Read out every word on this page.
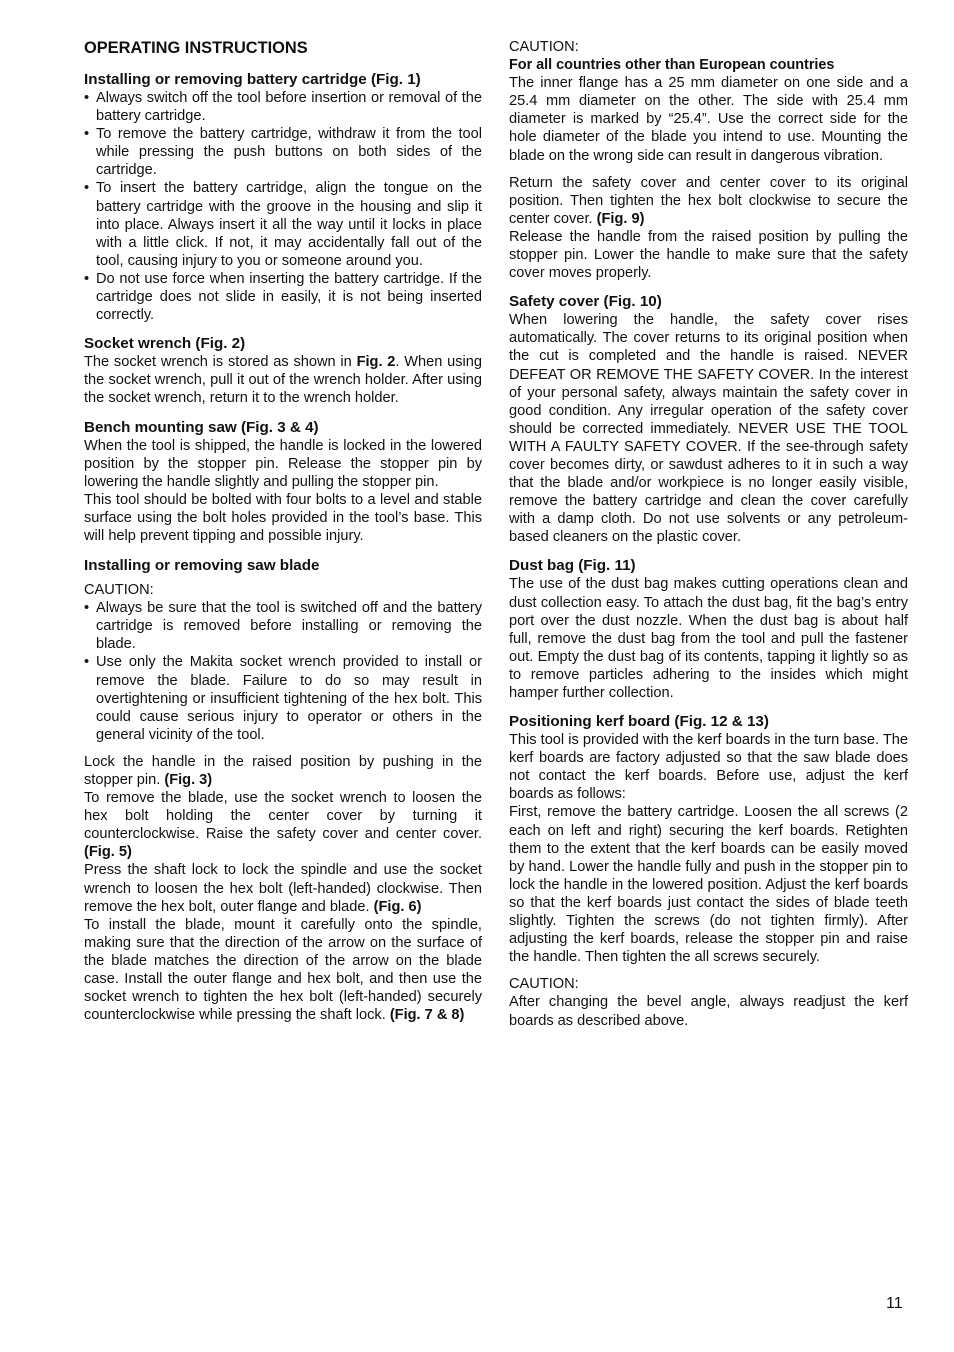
OPERATING INSTRUCTIONS
Installing or removing battery cartridge (Fig. 1)
• Always switch off the tool before insertion or removal of the battery cartridge.
• To remove the battery cartridge, withdraw it from the tool while pressing the push buttons on both sides of the cartridge.
• To insert the battery cartridge, align the tongue on the battery cartridge with the groove in the housing and slip it into place. Always insert it all the way until it locks in place with a little click. If not, it may accidentally fall out of the tool, causing injury to you or someone around you.
• Do not use force when inserting the battery cartridge. If the cartridge does not slide in easily, it is not being inserted correctly.
Socket wrench (Fig. 2)

The socket wrench is stored as shown in Fig. 2. When using the socket wrench, pull it out of the wrench holder. After using the socket wrench, return it to the wrench holder.

Bench mounting saw (Fig. 3 & 4)

When the tool is shipped, the handle is locked in the lowered position by the stopper pin. Release the stopper pin by lowering the handle slightly and pulling the stopper pin.

This tool should be bolted with four bolts to a level and stable surface using the bolt holes provided in the tool’s base. This will help prevent tipping and possible injury.

Installing or removing saw blade

CAUTION:

• Always be sure that the tool is switched off and the battery cartridge is removed before installing or removing the blade.
• Use only the Makita socket wrench provided to install or remove the blade. Failure to do so may result in overtightening or insufficient tightening of the hex bolt. This could cause serious injury to operator or others in the general vicinity of the tool.

Lock the handle in the raised position by pushing in the stopper pin. (Fig. 3)

To remove the blade, use the socket wrench to loosen the hex bolt holding the center cover by turning it counterclockwise. Raise the safety cover and center cover. (Fig. 5)

Press the shaft lock to lock the spindle and use the socket wrench to loosen the hex bolt (left-handed) clockwise. Then remove the hex bolt, outer flange and blade. (Fig. 6)

To install the blade, mount it carefully onto the spindle, making sure that the direction of the arrow on the surface of the blade matches the direction of the arrow on the blade case. Install the outer flange and hex bolt, and then use the socket wrench to tighten the hex bolt (left-handed) securely counterclockwise while pressing the shaft lock. (Fig. 7 & 8)

CAUTION:

For all countries other than European countries

The inner flange has a 25 mm diameter on one side and a 25.4 mm diameter on the other. The side with 25.4 mm diameter is marked by “25.4”. Use the correct side for the hole diameter of the blade you intend to use. Mounting the blade on the wrong side can result in dangerous vibration.

Return the safety cover and center cover to its original position. Then tighten the hex bolt clockwise to secure the center cover. (Fig. 9)

Release the handle from the raised position by pulling the stopper pin. Lower the handle to make sure that the safety cover moves properly.

Safety cover (Fig. 10)

When lowering the handle, the safety cover rises automatically. The cover returns to its original position when the cut is completed and the handle is raised. NEVER DEFEAT OR REMOVE THE SAFETY COVER. In the interest of your personal safety, always maintain the safety cover in good condition. Any irregular operation of the safety cover should be corrected immediately. NEVER USE THE TOOL WITH A FAULTY SAFETY COVER. If the see-through safety cover becomes dirty, or sawdust adheres to it in such a way that the blade and/or workpiece is no longer easily visible, remove the battery cartridge and clean the cover carefully with a damp cloth. Do not use solvents or any petroleum-based cleaners on the plastic cover.

Dust bag (Fig. 11)

The use of the dust bag makes cutting operations clean and dust collection easy. To attach the dust bag, fit the bag’s entry port over the dust nozzle. When the dust bag is about half full, remove the dust bag from the tool and pull the fastener out. Empty the dust bag of its contents, tapping it lightly so as to remove particles adhering to the insides which might hamper further collection.

Positioning kerf board (Fig. 12 & 13)

This tool is provided with the kerf boards in the turn base. The kerf boards are factory adjusted so that the saw blade does not contact the kerf boards. Before use, adjust the kerf boards as follows:

First, remove the battery cartridge. Loosen the all screws (2 each on left and right) securing the kerf boards. Retighten them to the extent that the kerf boards can be easily moved by hand. Lower the handle fully and push in the stopper pin to lock the handle in the lowered position. Adjust the kerf boards so that the kerf boards just contact the sides of blade teeth slightly. Tighten the screws (do not tighten firmly). After adjusting the kerf boards, release the stopper pin and raise the handle. Then tighten the all screws securely.

CAUTION:

After changing the bevel angle, always readjust the kerf boards as described above.

11
